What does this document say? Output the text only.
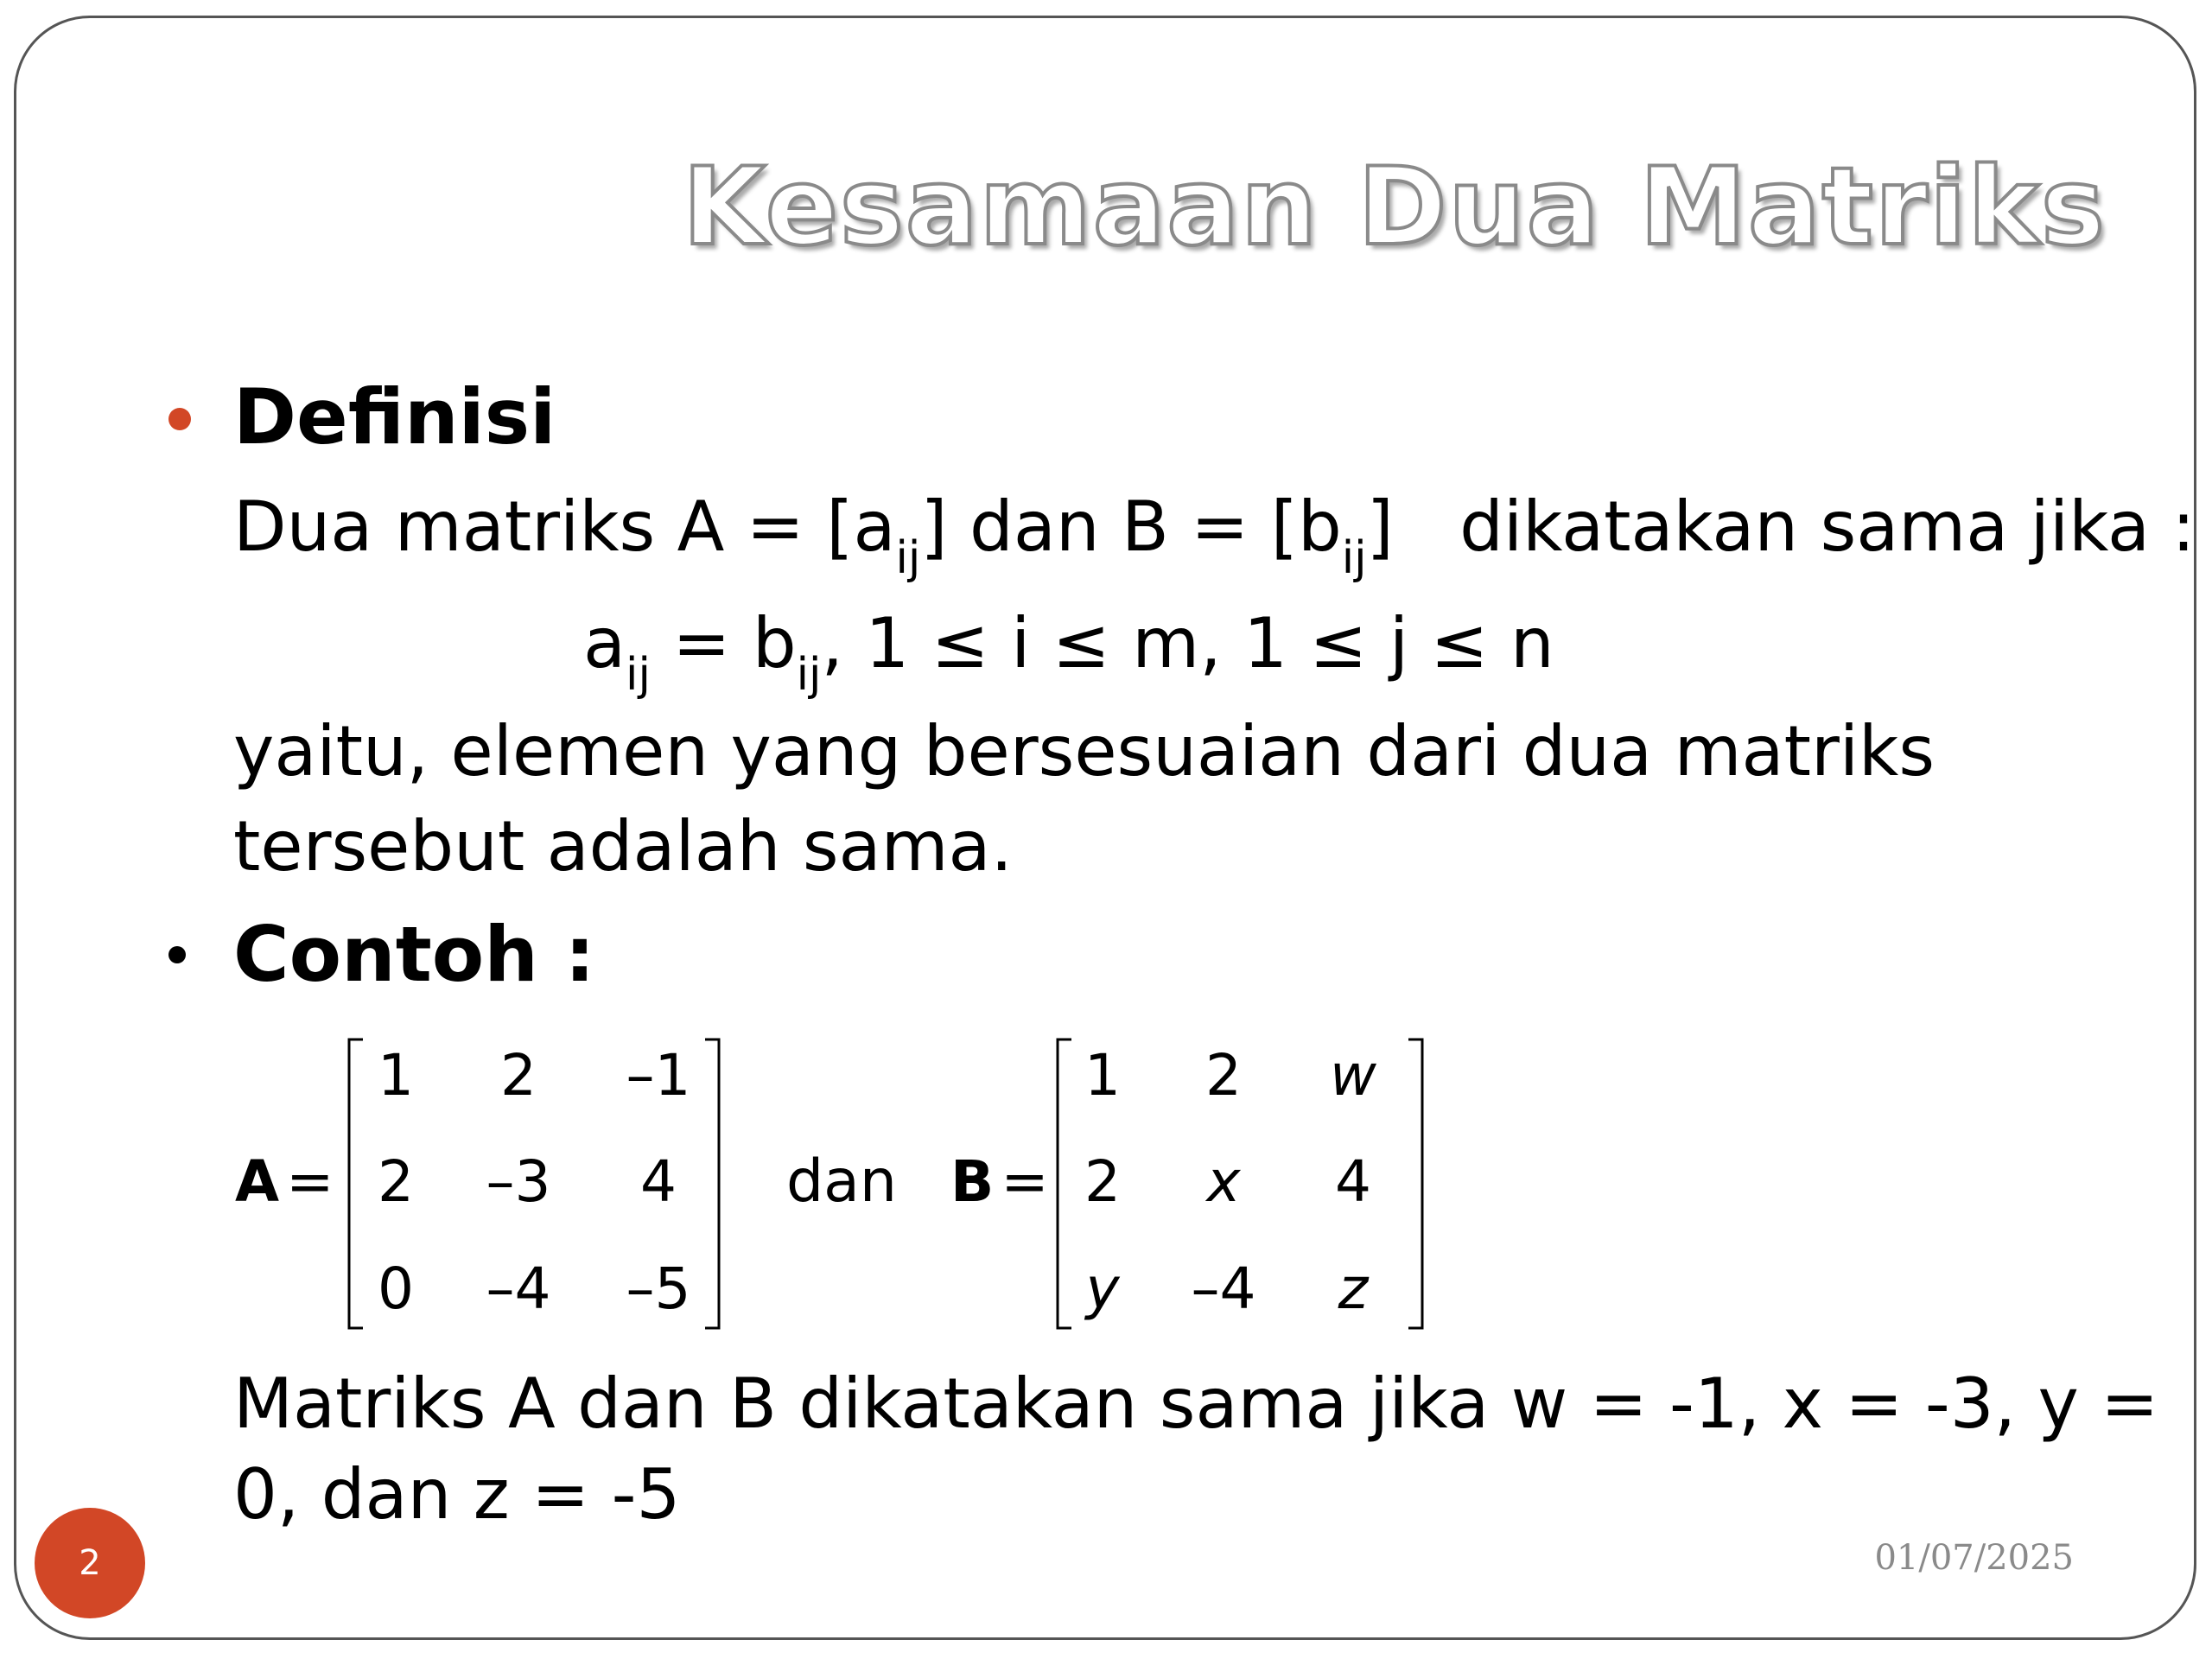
Kesamaan Dua Matriks
Definisi
Dua matriks $A = [a_{ij}]$ dan $B = [b_{ij}]$   dikatakan sama jika :
$a_{ij} = b_{ij}$, 1 ≤ i ≤ m, 1 ≤ j ≤ n
yaitu, elemen yang bersesuaian dari dua matriks
tersebut adalah sama.
Contoh :
A =
1	2	–1
2	–3	4
0	–4	–5
dan B =
1	2	w
2	x	4
y	–4	z
Matriks A dan B dikatakan sama jika w = -1, x = -3, y =
0, dan z = -5
2	01/07/2025
